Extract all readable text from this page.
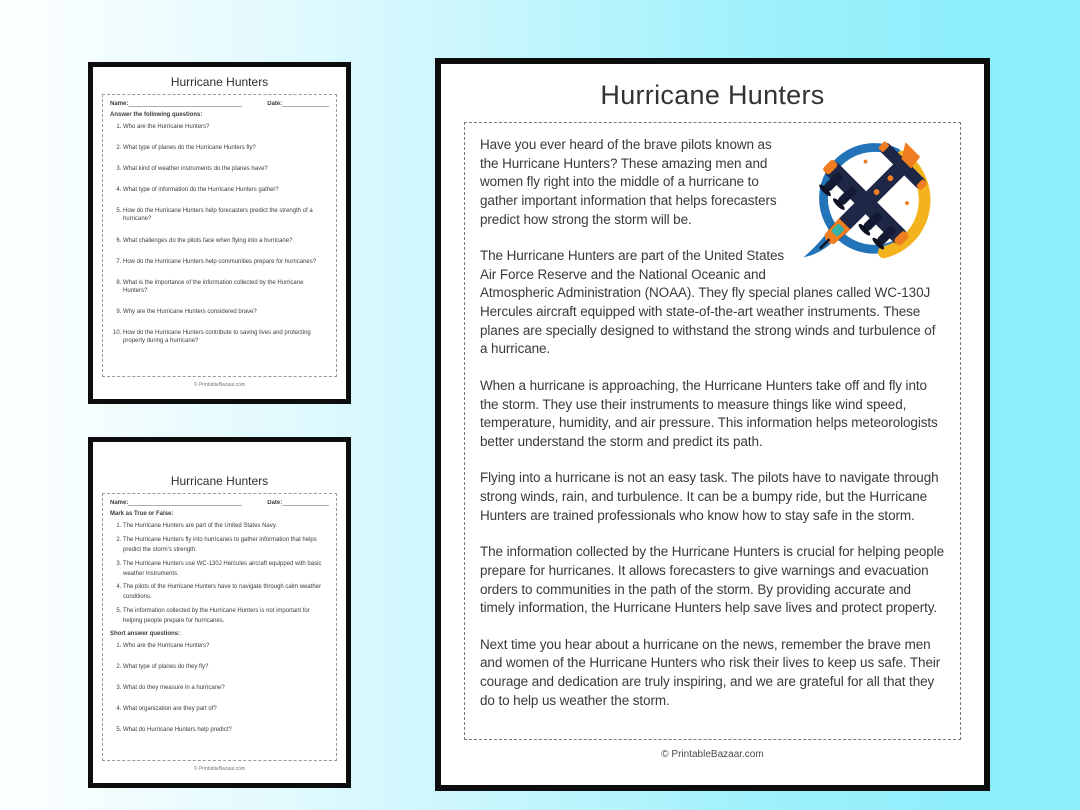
Hurricane Hunters
Name:__________________________________	Date:______________
Answer the following questions:
1. Who are the Hurricane Hunters?
2. What type of planes do the Hurricane Hunters fly?
3. What kind of weather instruments do the planes have?
4. What type of information do the Hurricane Hunters gather?
5. How do the Hurricane Hunters help forecasters predict the strength of a hurricane?
6. What challenges do the pilots face when flying into a hurricane?
7. How do the Hurricane Hunters help communities prepare for hurricanes?
8. What is the importance of the information collected by the Hurricane Hunters?
9. Why are the Hurricane Hunters considered brave?
10. How do the Hurricane Hunters contribute to saving lives and protecting property during a hurricane?
© PrintableBazaar.com
Hurricane Hunters
Name:__________________________________	Date:______________
Mark as True or False:
1. The Hurricane Hunters are part of the United States Navy.
2. The Hurricane Hunters fly into hurricanes to gather information that helps predict the storm's strength.
3. The Hurricane Hunters use WC-130J Hercules aircraft equipped with basic weather instruments.
4. The pilots of the Hurricane Hunters have to navigate through calm weather conditions.
5. The information collected by the Hurricane Hunters is not important for helping people prepare for hurricanes.
Short answer questions:
1. Who are the Hurricane Hunters?
2. What type of planes do they fly?
3. What do they measure in a hurricane?
4. What organization are they part of?
5. What do Hurricane Hunters help predict?
© PrintableBazaar.com
Hurricane Hunters

Have you ever heard of the brave pilots known as the Hurricane Hunters? These amazing men and women fly right into the middle of a hurricane to gather important information that helps forecasters predict how strong the storm will be.

The Hurricane Hunters are part of the United States Air Force Reserve and the National Oceanic and Atmospheric Administration (NOAA). They fly special planes called WC-130J Hercules aircraft equipped with state-of-the-art weather instruments. These planes are specially designed to withstand the strong winds and turbulence of a hurricane.

When a hurricane is approaching, the Hurricane Hunters take off and fly into the storm. They use their instruments to measure things like wind speed, temperature, humidity, and air pressure. This information helps meteorologists better understand the storm and predict its path.

Flying into a hurricane is not an easy task. The pilots have to navigate through strong winds, rain, and turbulence. It can be a bumpy ride, but the Hurricane Hunters are trained professionals who know how to stay safe in the storm.

The information collected by the Hurricane Hunters is crucial for helping people prepare for hurricanes. It allows forecasters to give warnings and evacuation orders to communities in the path of the storm. By providing accurate and timely information, the Hurricane Hunters help save lives and protect property.

Next time you hear about a hurricane on the news, remember the brave men and women of the Hurricane Hunters who risk their lives to keep us safe. Their courage and dedication are truly inspiring, and we are grateful for all that they do to help us weather the storm.

© PrintableBazaar.com
